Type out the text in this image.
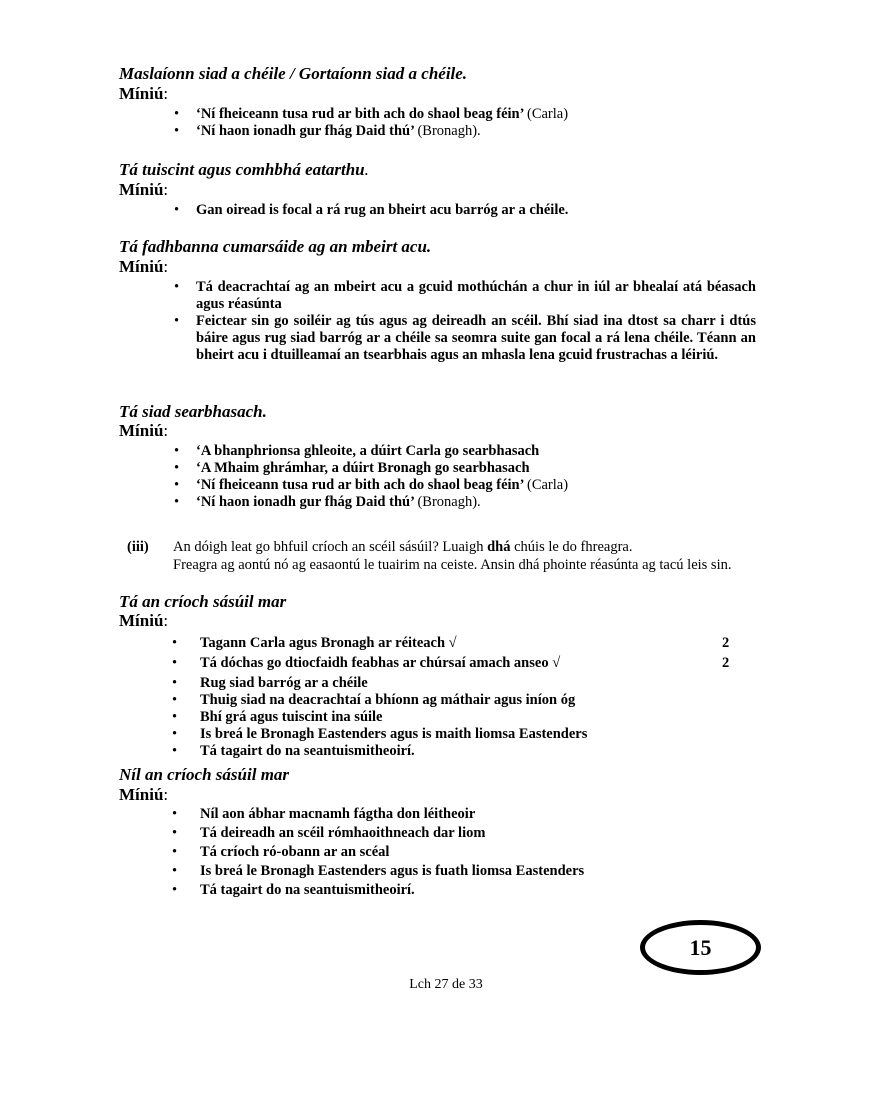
Maslaíonn siad a chéile / Gortaíonn siad a chéile.
Míniú:
• ‘Ní fheiceann tusa rud ar bith ach do shaol beag féin’ (Carla)
• ‘Ní haon ionadh gur fhág Daid thú’ (Bronagh).
Tá tuiscint agus comhbhá eatarthu.
Míniú:
• Gan oiread is focal a rá rug an bheirt acu barróg ar a chéile.
Tá fadhbanna cumarsáide ag an mbeirt acu.
Míniú:
• Tá deacrachtaí ag an mbeirt acu a gcuid mothúchán a chur in iúl ar bhealaí atá béasach agus réasúnta
• Feictear sin go soiléir ag tús agus ag deireadh an scéil. Bhí siad ina dtost sa charr i dtús báire agus rug siad barróg ar a chéile sa seomra suite gan focal a rá lena chéile. Téann an bheirt acu i dtuilleamaí an tsearbhais agus an mhasla lena gcuid frustrachas a léiriú.
Tá siad searbhasach.
Míniú:
• ‘A bhanphrionsa ghleoite, a dúirt Carla go searbhasach
• ‘A Mhaim ghrámhar, a dúirt Bronagh go searbhasach
• ‘Ní fheiceann tusa rud ar bith ach do shaol beag féin’ (Carla)
• ‘Ní haon ionadh gur fhág Daid thú’ (Bronagh).
(iii) An dóigh leat go bhfuil críoch an scéil sásúil? Luaigh dhá chúis le do fhreagra.
Freagra ag aontú nó ag easaontú le tuairim na ceiste. Ansin dhá phointe réasúnta ag tacú leis sin.
Tá an críoch sásúil mar
Míniú:
• Tagann Carla agus Bronagh ar réiteach √	2
• Tá dóchas go dtiocfaidh feabhas ar chúrsaí amach anseo √	2
• Rug siad barróg ar a chéile
• Thuig siad na deacrachtaí a bhíonn ag máthair agus iníon óg
• Bhí grá agus tuiscint ina súile
• Is breá le Bronagh Eastenders agus is maith liomsa Eastenders
• Tá tagairt do na seantuismitheoirí.
Níl an críoch sásúil mar
Míniú:
• Níl aon ábhar macnamh fágtha don léitheoir
• Tá deireadh an scéil rómhaoithneach dar liom
• Tá críoch ró-obann ar an scéal
• Is breá le Bronagh Eastenders agus is fuath liomsa Eastenders
• Tá tagairt do na seantuismitheoirí.
15
Lch 27 de 33
